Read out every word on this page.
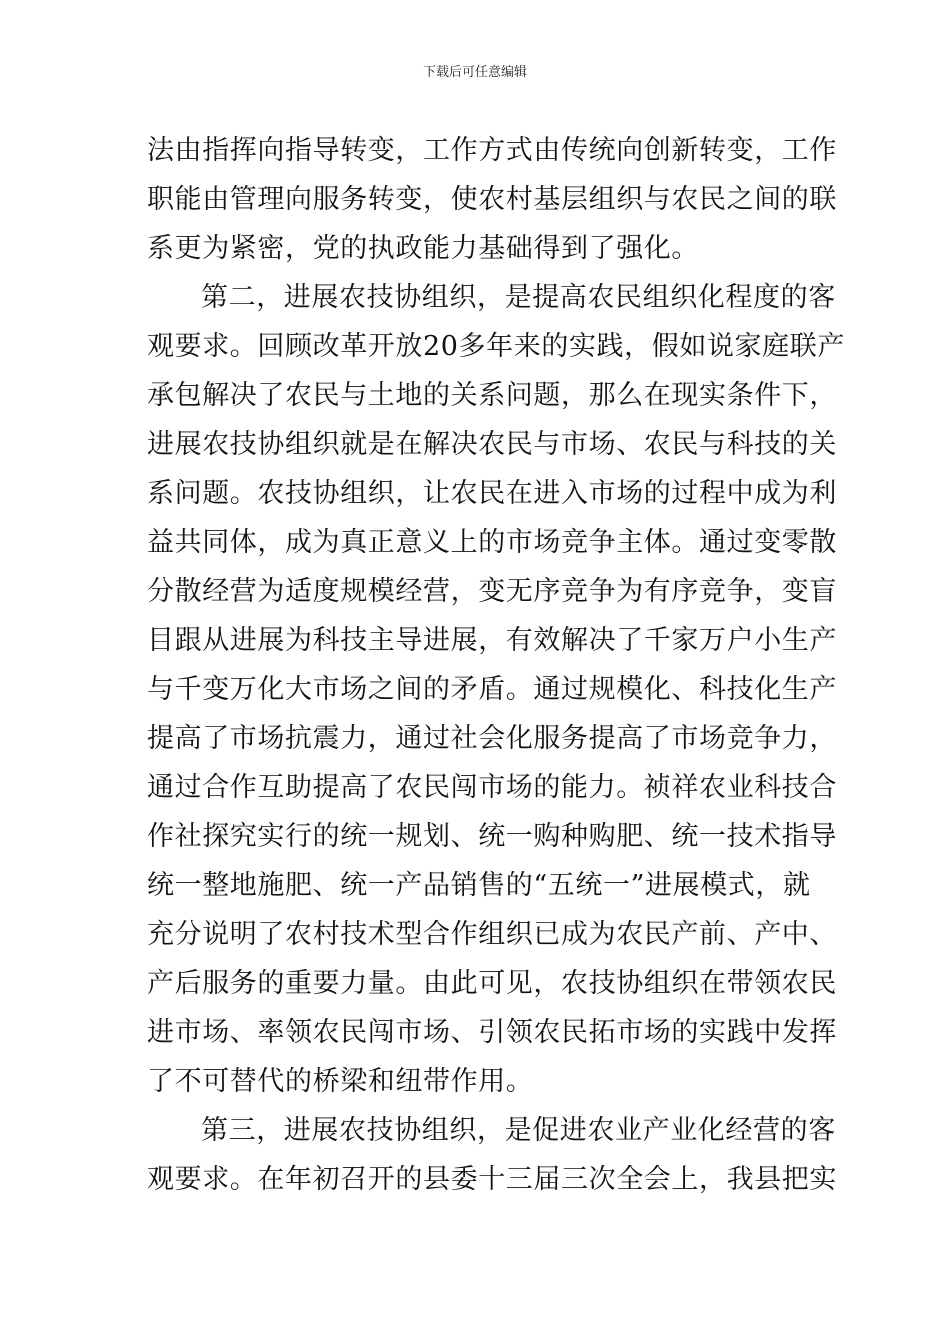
下载后可任意编辑
法由指挥向指导转变，工作方式由传统向创新转变，工作
职能由管理向服务转变，使农村基层组织与农民之间的联
系更为紧密，党的执政能力基础得到了强化。
第二，进展农技协组织，是提高农民组织化程度的客
观要求。回顾改革开放20多年来的实践，假如说家庭联产
承包解决了农民与土地的关系问题，那么在现实条件下，
进展农技协组织就是在解决农民与市场、农民与科技的关
系问题。农技协组织，让农民在进入市场的过程中成为利
益共同体，成为真正意义上的市场竞争主体。通过变零散
分散经营为适度规模经营，变无序竞争为有序竞争，变盲
目跟从进展为科技主导进展，有效解决了千家万户小生产
与千变万化大市场之间的矛盾。通过规模化、科技化生产
提高了市场抗震力，通过社会化服务提高了市场竞争力，
通过合作互助提高了农民闯市场的能力。祯祥农业科技合
作社探究实行的统一规划、统一购种购肥、统一技术指导
统一整地施肥、统一产品销售的“五统一”进展模式，就
充分说明了农村技术型合作组织已成为农民产前、产中、
产后服务的重要力量。由此可见，农技协组织在带领农民
进市场、率领农民闯市场、引领农民拓市场的实践中发挥
了不可替代的桥梁和纽带作用。
第三，进展农技协组织，是促进农业产业化经营的客
观要求。在年初召开的县委十三届三次全会上，我县把实
